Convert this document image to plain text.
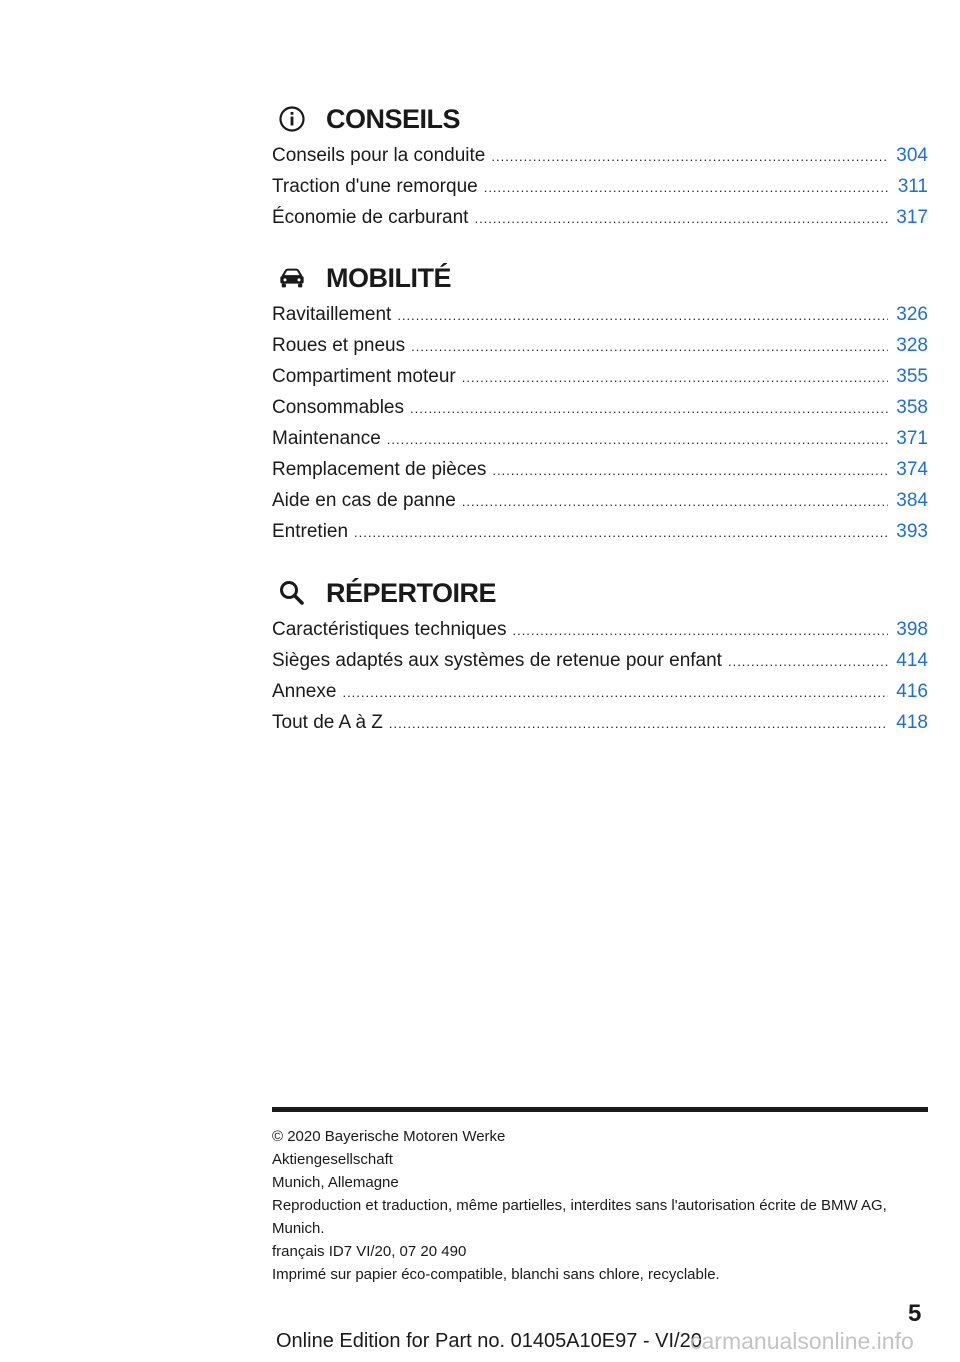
CONSEILS
Conseils pour la conduite .....	304
Traction d'une remorque .....	311
Économie de carburant .....	317
MOBILITÉ
Ravitaillement .....	326
Roues et pneus .....	328
Compartiment moteur .....	355
Consommables .....	358
Maintenance .....	371
Remplacement de pièces .....	374
Aide en cas de panne .....	384
Entretien .....	393
RÉPERTOIRE
Caractéristiques techniques .....	398
Sièges adaptés aux systèmes de retenue pour enfant .....	414
Annexe .....	416
Tout de A à Z .....	418
© 2020 Bayerische Motoren Werke
Aktiengesellschaft
Munich, Allemagne
Reproduction et traduction, même partielles, interdites sans l'autorisation écrite de BMW AG, Munich.
français ID7 VI/20, 07 20 490
Imprimé sur papier éco-compatible, blanchi sans chlore, recyclable.
5
Online Edition for Part no. 01405A10E97 - VI/20
carmanualsonline.info
